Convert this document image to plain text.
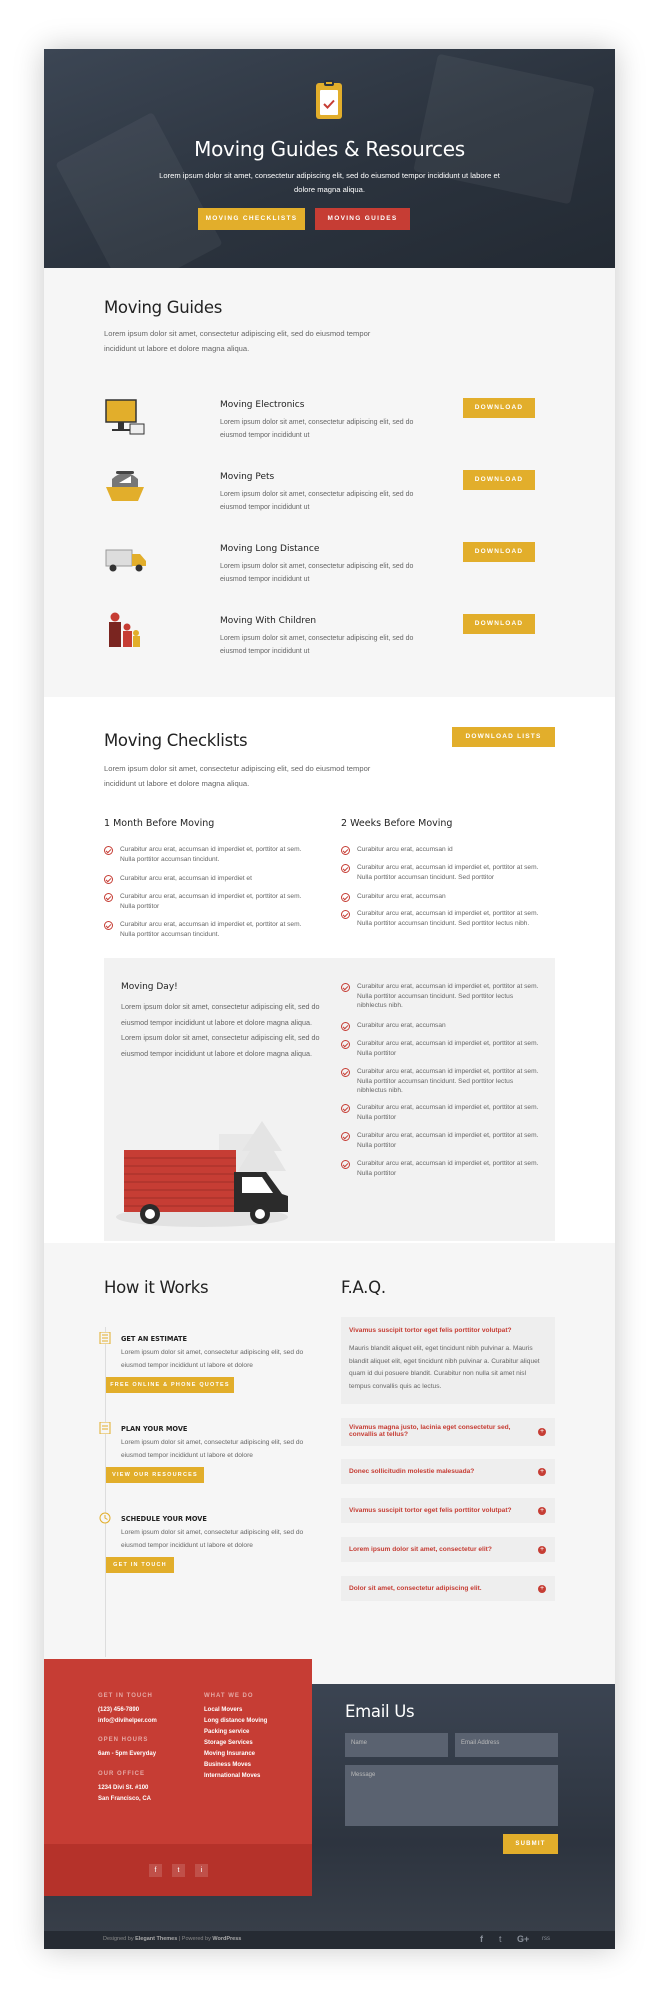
Moving Guides & Resources

Lorem ipsum dolor sit amet, consectetur adipiscing elit, sed do eiusmod tempor incididunt ut labore et dolore magna aliqua.

MOVING CHECKLISTS	MOVING GUIDES
Moving Guides
Lorem ipsum dolor sit amet, consectetur adipiscing elit, sed do eiusmod tempor incididunt ut labore et dolore magna aliqua.
Moving Electronics
Lorem ipsum dolor sit amet, consectetur adipiscing elit, sed do eiusmod tempor incididunt ut
DOWNLOAD
Moving Pets
Lorem ipsum dolor sit amet, consectetur adipiscing elit, sed do eiusmod tempor incididunt ut
DOWNLOAD
Moving Long Distance
Lorem ipsum dolor sit amet, consectetur adipiscing elit, sed do eiusmod tempor incididunt ut
DOWNLOAD
Moving With Children
Lorem ipsum dolor sit amet, consectetur adipiscing elit, sed do eiusmod tempor incididunt ut
DOWNLOAD
Moving Checklists	DOWNLOAD LISTS
Lorem ipsum dolor sit amet, consectetur adipiscing elit, sed do eiusmod tempor incididunt ut labore et dolore magna aliqua.
1 Month Before Moving
Curabitur arcu erat, accumsan id imperdiet et, porttitor at sem. Nulla porttitor accumsan tincidunt.
Curabitur arcu erat, accumsan id imperdiet et
Curabitur arcu erat, accumsan id imperdiet et, porttitor at sem. Nulla porttitor
Curabitur arcu erat, accumsan id imperdiet et, porttitor at sem. Nulla porttitor accumsan tincidunt.
2 Weeks Before Moving
Curabitur arcu erat, accumsan id
Curabitur arcu erat, accumsan id imperdiet et, porttitor at sem. Nulla porttitor accumsan tincidunt. Sed porttitor
Curabitur arcu erat, accumsan
Curabitur arcu erat, accumsan id imperdiet et, porttitor at sem. Nulla porttitor accumsan tincidunt. Sed porttitor lectus nibh.
Moving Day!
Lorem ipsum dolor sit amet, consectetur adipiscing elit, sed do eiusmod tempor incididunt ut labore et dolore magna aliqua. Lorem ipsum dolor sit amet, consectetur adipiscing elit, sed do eiusmod tempor incididunt ut labore et dolore magna aliqua.
Curabitur arcu erat, accumsan id imperdiet et, porttitor at sem. Nulla porttitor accumsan tincidunt. Sed porttitor lectus nibhlectus nibh.
Curabitur arcu erat, accumsan
Curabitur arcu erat, accumsan id imperdiet et, porttitor at sem. Nulla porttitor
Curabitur arcu erat, accumsan id imperdiet et, porttitor at sem. Nulla porttitor accumsan tincidunt. Sed porttitor lectus nibhlectus nibh.
Curabitur arcu erat, accumsan id imperdiet et, porttitor at sem. Nulla porttitor
Curabitur arcu erat, accumsan id imperdiet et, porttitor at sem. Nulla porttitor
Curabitur arcu erat, accumsan id imperdiet et, porttitor at sem. Nulla porttitor
How it Works
GET AN ESTIMATE
Lorem ipsum dolor sit amet, consectetur adipiscing elit, sed do eiusmod tempor incididunt ut labore et dolore
FREE ONLINE & PHONE QUOTES
PLAN YOUR MOVE
Lorem ipsum dolor sit amet, consectetur adipiscing elit, sed do eiusmod tempor incididunt ut labore et dolore
VIEW OUR RESOURCES
SCHEDULE YOUR MOVE
Lorem ipsum dolor sit amet, consectetur adipiscing elit, sed do eiusmod tempor incididunt ut labore et dolore
GET IN TOUCH
F.A.Q.
Vivamus suscipit tortor eget felis porttitor volutpat?
Mauris blandit aliquet elit, eget tincidunt nibh pulvinar a. Mauris blandit aliquet elit, eget tincidunt nibh pulvinar a. Curabitur aliquet quam id dui posuere blandit. Curabitur non nulla sit amet nisl tempus convallis quis ac lectus.
Vivamus magna justo, lacinia eget consectetur sed, convallis at tellus?
+
Donec sollicitudin molestie malesuada?
+
Vivamus suscipit tortor eget felis porttitor volutpat?
+
Lorem ipsum dolor sit amet, consectetur elit?
+
Dolor sit amet, consectetur adipiscing elit.
+
GET IN TOUCH
(123) 456-7890
info@divihelper.com
OPEN HOURS
6am - 5pm Everyday
OUR OFFICE
1234 Divi St. #100
San Francisco, CA
WHAT WE DO
Local Movers
Long distance Moving
Packing service
Storage Services
Moving Insurance
Business Moves
International Moves
f	t	i
Email Us
Name	Email Address
Message
SUBMIT
Designed by Elegant Themes | Powered by WordPress	f t G+ rss
